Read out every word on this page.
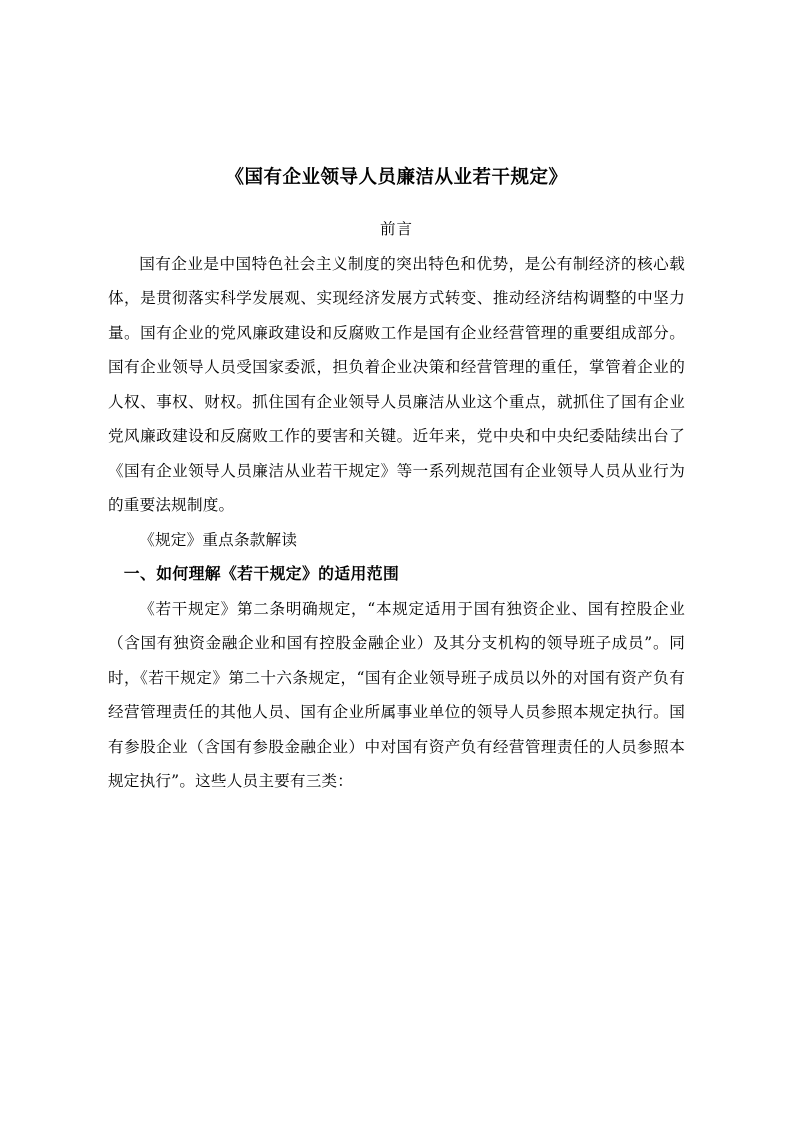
《国有企业领导人员廉洁从业若干规定》
前言

国有企业是中国特色社会主义制度的突出特色和优势，是公有制经济的核心载体，是贯彻落实科学发展观、实现经济发展方式转变、推动经济结构调整的中坚力量。国有企业的党风廉政建设和反腐败工作是国有企业经营管理的重要组成部分。国有企业领导人员受国家委派，担负着企业决策和经营管理的重任，掌管着企业的人权、事权、财权。抓住国有企业领导人员廉洁从业这个重点，就抓住了国有企业党风廉政建设和反腐败工作的要害和关键。近年来，党中央和中央纪委陆续出台了《国有企业领导人员廉洁从业若干规定》等一系列规范国有企业领导人员从业行为的重要法规制度。

《规定》重点条款解读

一、如何理解《若干规定》的适用范围

《若干规定》第二条明确规定，“本规定适用于国有独资企业、国有控股企业（含国有独资金融企业和国有控股金融企业）及其分支机构的领导班子成员”。同时，《若干规定》第二十六条规定，“国有企业领导班子成员以外的对国有资产负有经营管理责任的其他人员、国有企业所属事业单位的领导人员参照本规定执行。国有参股企业（含国有参股金融企业）中对国有资产负有经营管理责任的人员参照本规定执行”。这些人员主要有三类：
